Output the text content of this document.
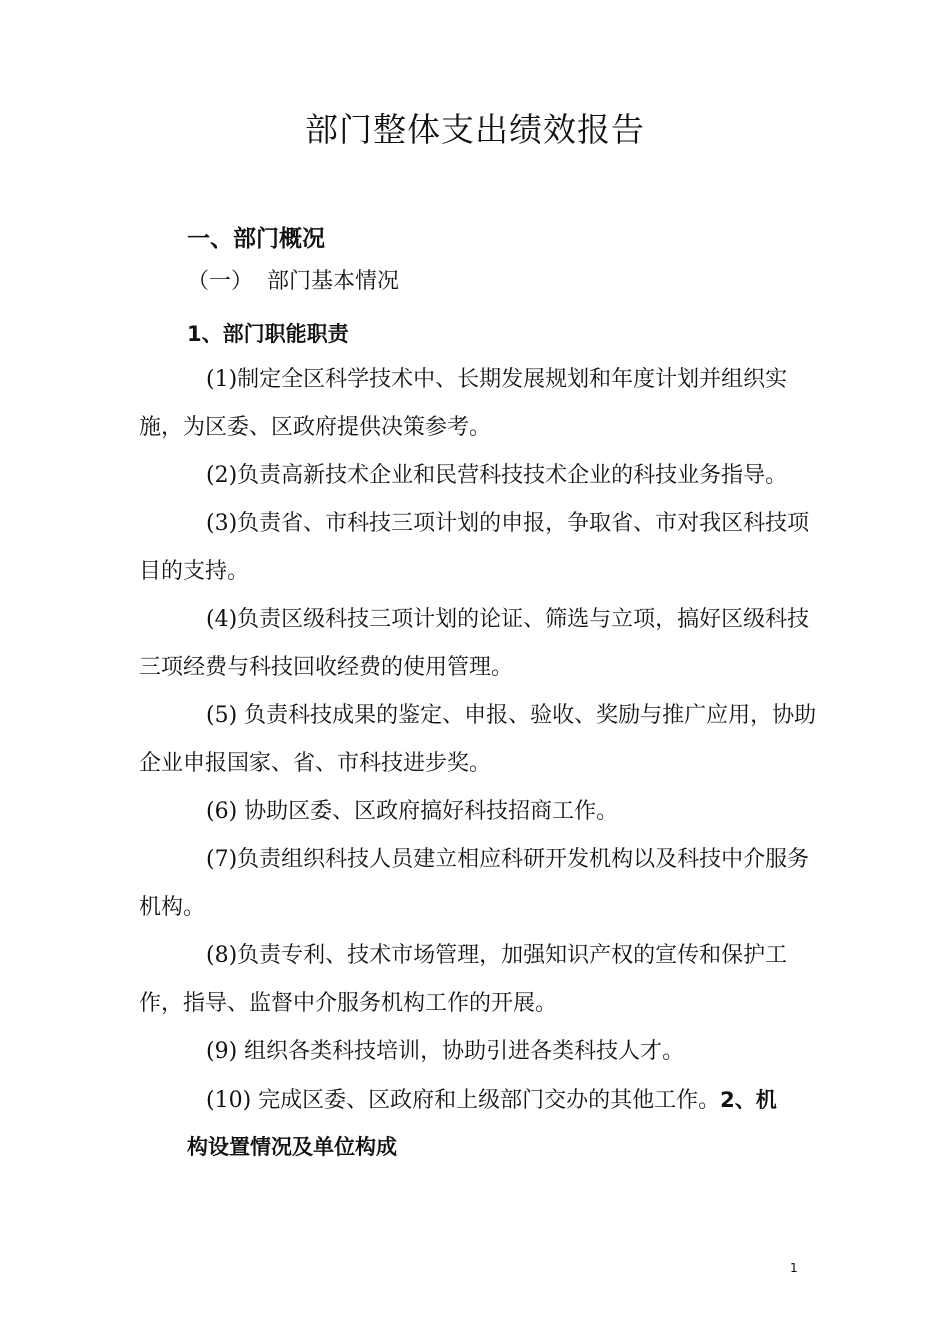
部门整体支出绩效报告
一、部门概况
（一）  部门基本情况
1、部门职能职责

(1)制定全区科学技术中、长期发展规划和年度计划并组织实施，为区委、区政府提供决策参考。

(2)负责高新技术企业和民营科技技术企业的科技业务指导。

(3)负责省、市科技三项计划的申报，争取省、市对我区科技项目的支持。

(4)负责区级科技三项计划的论证、筛选与立项，搞好区级科技三项经费与科技回收经费的使用管理。

(5) 负责科技成果的鉴定、申报、验收、奖励与推广应用，协助企业申报国家、省、市科技进步奖。

(6) 协助区委、区政府搞好科技招商工作。

(7)负责组织科技人员建立相应科研开发机构以及科技中介服务机构。

(8)负责专利、技术市场管理，加强知识产权的宣传和保护工作，指导、监督中介服务机构工作的开展。

(9) 组织各类科技培训，协助引进各类科技人才。

(10) 完成区委、区政府和上级部门交办的其他工作。2、机

构设置情况及单位构成
1
